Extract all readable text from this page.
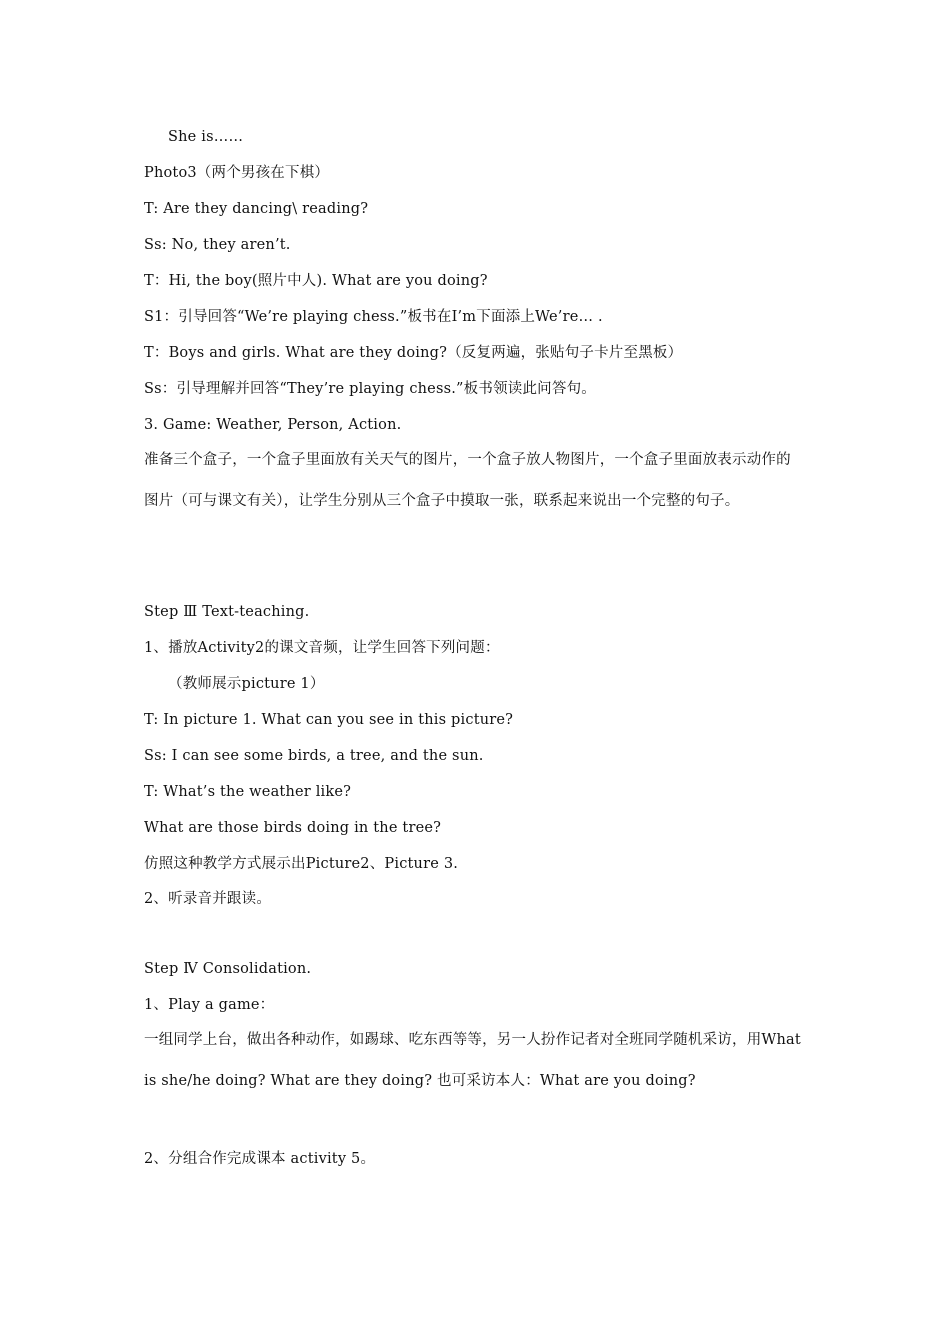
She is……
Photo3（两个男孩在下棋）
T: Are they dancing\ reading?
Ss: No, they aren’t.
T：Hi, the boy(照片中人). What are you doing?
S1：引导回答“We’re playing chess.”板书在I’m下面添上We’re… .
T：Boys and girls. What are they doing?（反复两遍，张贴句子卡片至黑板）
Ss：引导理解并回答“They’re playing chess.”板书领读此问答句。
3. Game: Weather, Person, Action.
准备三个盒子，一个盒子里面放有关天气的图片，一个盒子放人物图片，一个盒子里面放表示动作的图片（可与课文有关），让学生分别从三个盒子中摸取一张，联系起来说出一个完整的句子。
Step Ⅲ Text-teaching.
1、播放Activity2的课文音频，让学生回答下列问题：
（教师展示picture 1）
T: In picture 1. What can you see in this picture?
Ss: I can see some birds, a tree, and the sun.
T: What’s the weather like?
What are those birds doing in the tree?
仿照这种教学方式展示出Picture2、Picture 3.
2、听录音并跟读。
Step Ⅳ Consolidation.
1、Play a game：
一组同学上台，做出各种动作，如踢球、吃东西等等，另一人扮作记者对全班同学随机采访，用What is she/he doing? What are they doing? 也可采访本人：What are you doing?
2、分组合作完成课本 activity 5。
